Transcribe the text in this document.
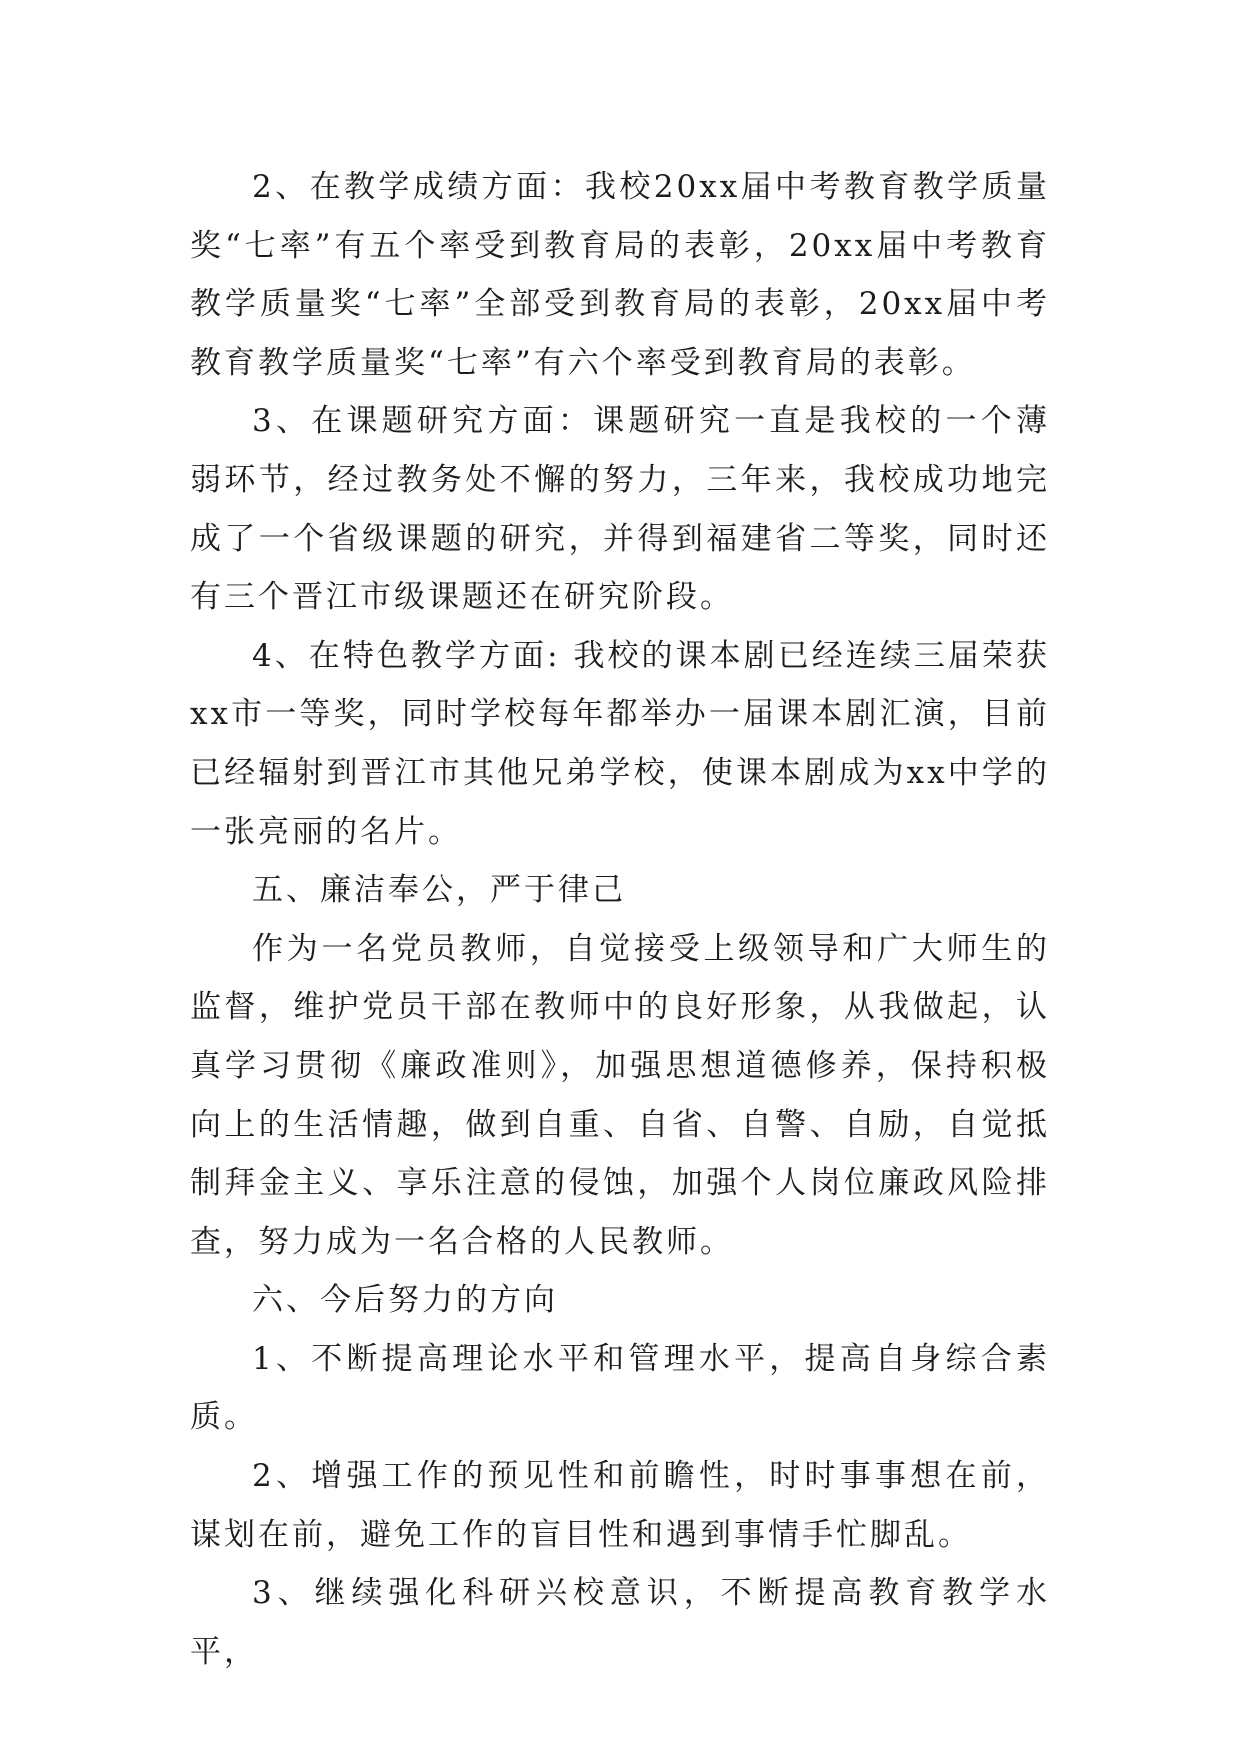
2、在教学成绩方面：我校20xx届中考教育教学质量奖“七率”有五个率受到教育局的表彰，20xx届中考教育教学质量奖“七率”全部受到教育局的表彰，20xx届中考教育教学质量奖“七率”有六个率受到教育局的表彰。

3、在课题研究方面：课题研究一直是我校的一个薄弱环节，经过教务处不懈的努力，三年来，我校成功地完成了一个省级课题的研究，并得到福建省二等奖，同时还有三个晋江市级课题还在研究阶段。

4、在特色教学方面: 我校的课本剧已经连续三届荣获xx市一等奖，同时学校每年都举办一届课本剧汇演，目前已经辐射到晋江市其他兄弟学校，使课本剧成为xx中学的一张亮丽的名片。

五、廉洁奉公，严于律己

作为一名党员教师，自觉接受上级领导和广大师生的监督，维护党员干部在教师中的良好形象，从我做起，认真学习贯彻《廉政准则》，加强思想道德修养，保持积极向上的生活情趣，做到自重、自省、自警、自励，自觉抵制拜金主义、享乐注意的侵蚀，加强个人岗位廉政风险排查，努力成为一名合格的人民教师。

六、今后努力的方向

1、不断提高理论水平和管理水平，提高自身综合素质。

2、增强工作的预见性和前瞻性，时时事事想在前，谋划在前，避免工作的盲目性和遇到事情手忙脚乱。

3、继续强化科研兴校意识，不断提高教育教学水平，
